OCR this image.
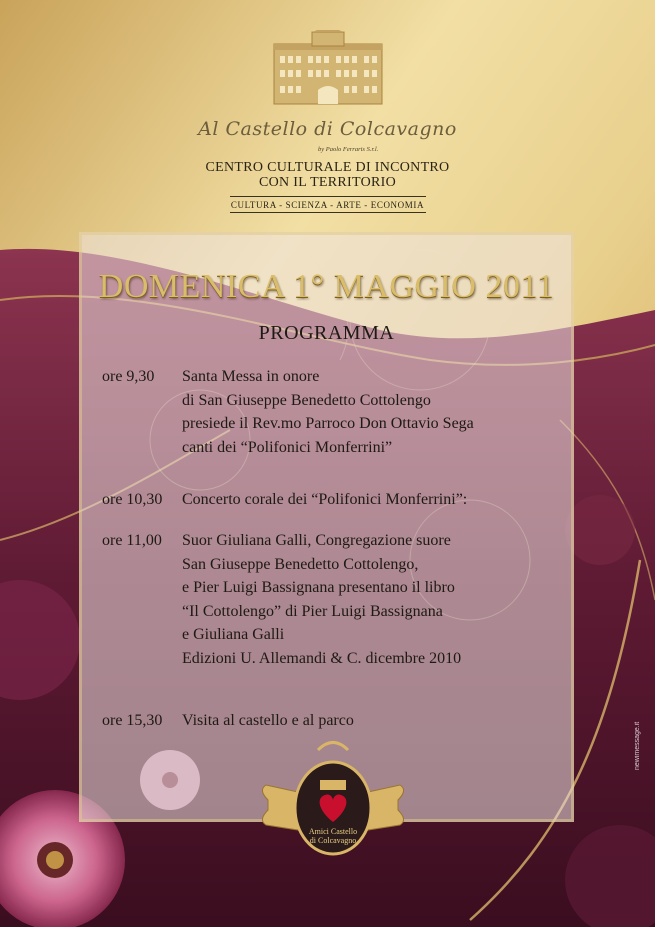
Al Castello di Colcavagno
by Paolo Ferraris S.r.l.
CENTRO CULTURALE DI INCONTRO
CON IL TERRITORIO
CULTURA - SCIENZA - ARTE - ECONOMIA
DOMENICA 1° MAGGIO 2011
PROGRAMMA
ore 9,30 Santa Messa in onore
di San Giuseppe Benedetto Cottolengo
presiede il Rev.mo Parroco Don Ottavio Sega
canti dei “Polifonici Monferrini”
ore 10,30 Concerto corale dei “Polifonici Monferrini”:
ore 11,00 Suor Giuliana Galli, Congregazione suore
San Giuseppe Benedetto Cottolengo,
e Pier Luigi Bassignana presentano il libro
“Il Cottolengo” di Pier Luigi Bassignana
e Giuliana Galli
Edizioni U. Allemandi & C. dicembre 2010
ore 15,30 Visita al castello e al parco
Amici Castello
di Colcavagno
newimessage.it
